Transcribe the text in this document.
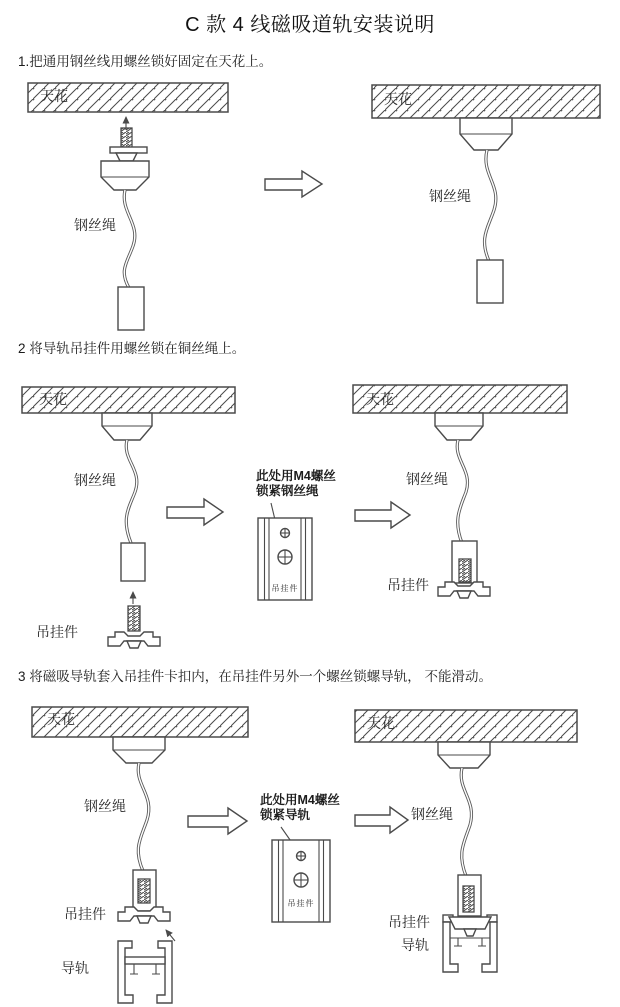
C 款 4 线磁吸道轨安装说明
1.把通用钢丝线用螺丝锁好固定在天花上。
2 将导轨吊挂件用螺丝锁在铜丝绳上。
3 将磁吸导轨套入吊挂件卡扣内，在吊挂件另外一个螺丝锁螺导轨， 不能滑动。
天花	天花
钢丝绳
钢丝绳
天花	天花
钢丝绳	钢丝绳
吊挂件
吊挂件
此处用M4螺丝
锁紧钢丝绳
吊挂件
天花	天花
钢丝绳	钢丝绳
吊挂件	吊挂件
导轨
导轨
此处用M4螺丝
锁紧导轨
吊挂件
